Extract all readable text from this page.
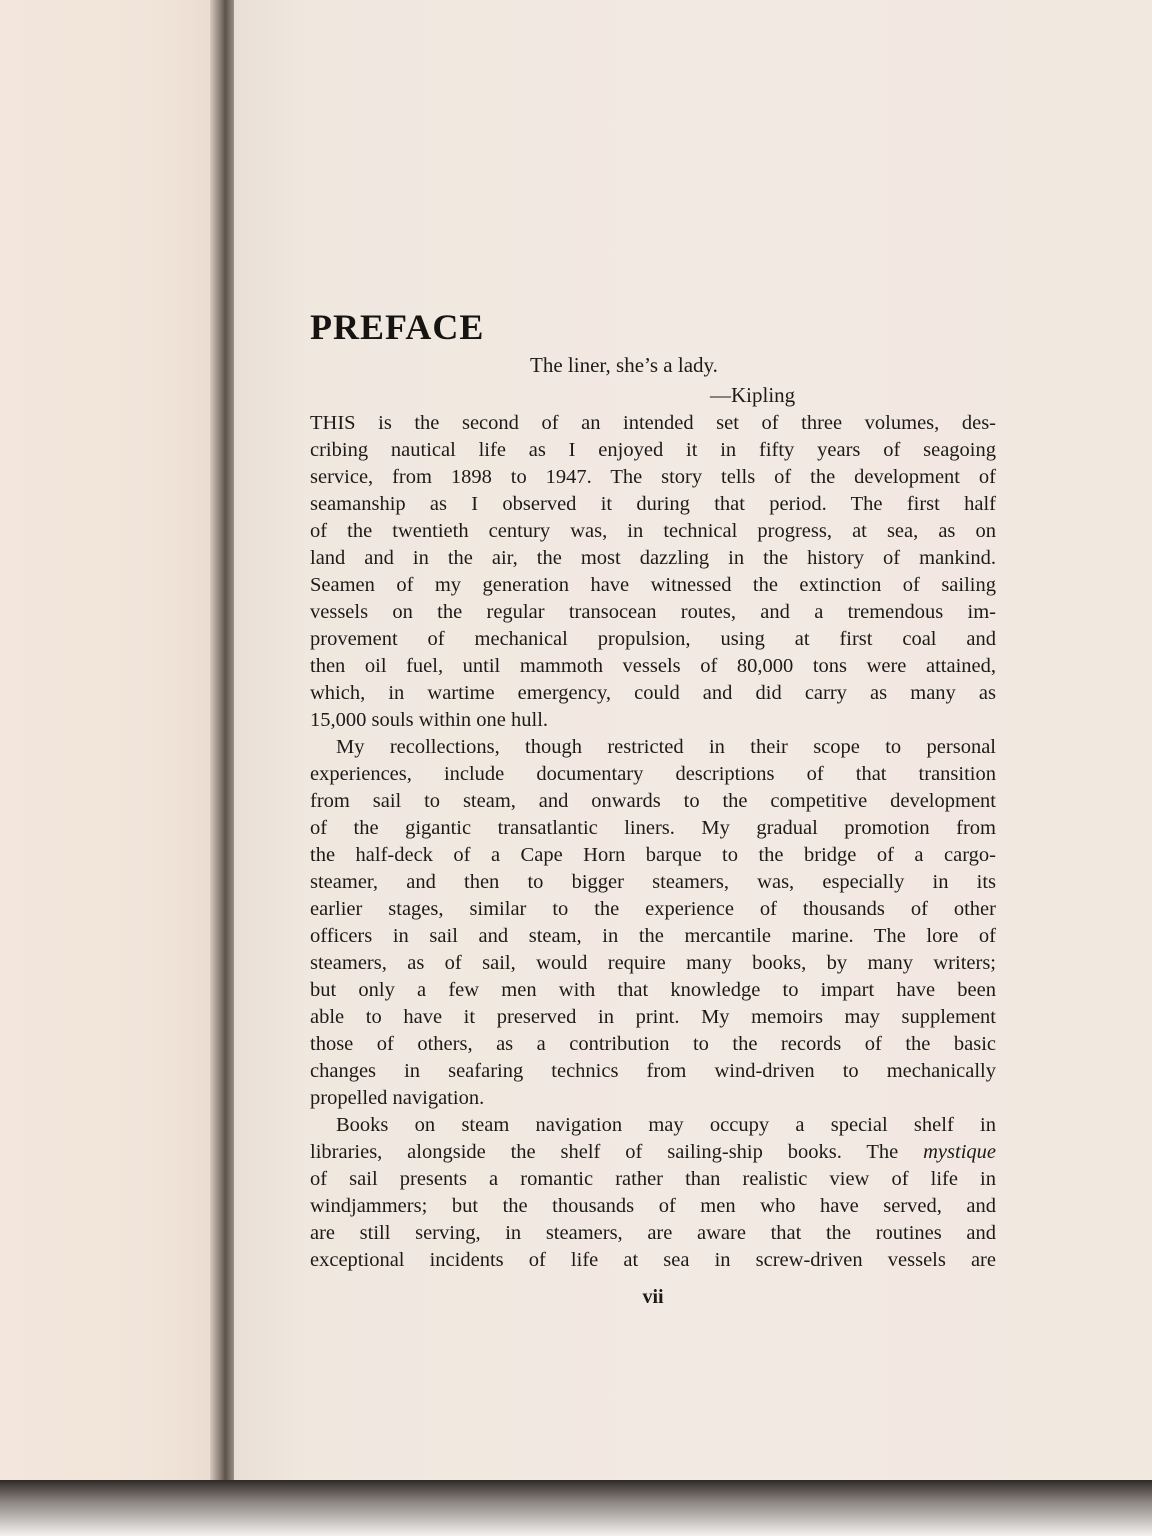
PREFACE
The liner, she’s a lady.
—Kipling
THIS is the second of an intended set of three volumes, des-
cribing nautical life as I enjoyed it in fifty years of seagoing
service, from 1898 to 1947. The story tells of the development of
seamanship as I observed it during that period. The first half
of the twentieth century was, in technical progress, at sea, as on
land and in the air, the most dazzling in the history of mankind.
Seamen of my generation have witnessed the extinction of sailing
vessels on the regular transocean routes, and a tremendous im-
provement of mechanical propulsion, using at first coal and
then oil fuel, until mammoth vessels of 80,000 tons were attained,
which, in wartime emergency, could and did carry as many as
15,000 souls within one hull.
My recollections, though restricted in their scope to personal
experiences, include documentary descriptions of that transition
from sail to steam, and onwards to the competitive development
of the gigantic transatlantic liners. My gradual promotion from
the half-deck of a Cape Horn barque to the bridge of a cargo-
steamer, and then to bigger steamers, was, especially in its
earlier stages, similar to the experience of thousands of other
officers in sail and steam, in the mercantile marine. The lore of
steamers, as of sail, would require many books, by many writers;
but only a few men with that knowledge to impart have been
able to have it preserved in print. My memoirs may supplement
those of others, as a contribution to the records of the basic
changes in seafaring technics from wind-driven to mechanically
propelled navigation.
Books on steam navigation may occupy a special shelf in
libraries, alongside the shelf of sailing-ship books. The mystique
of sail presents a romantic rather than realistic view of life in
windjammers; but the thousands of men who have served, and
are still serving, in steamers, are aware that the routines and
exceptional incidents of life at sea in screw-driven vessels are
vii
